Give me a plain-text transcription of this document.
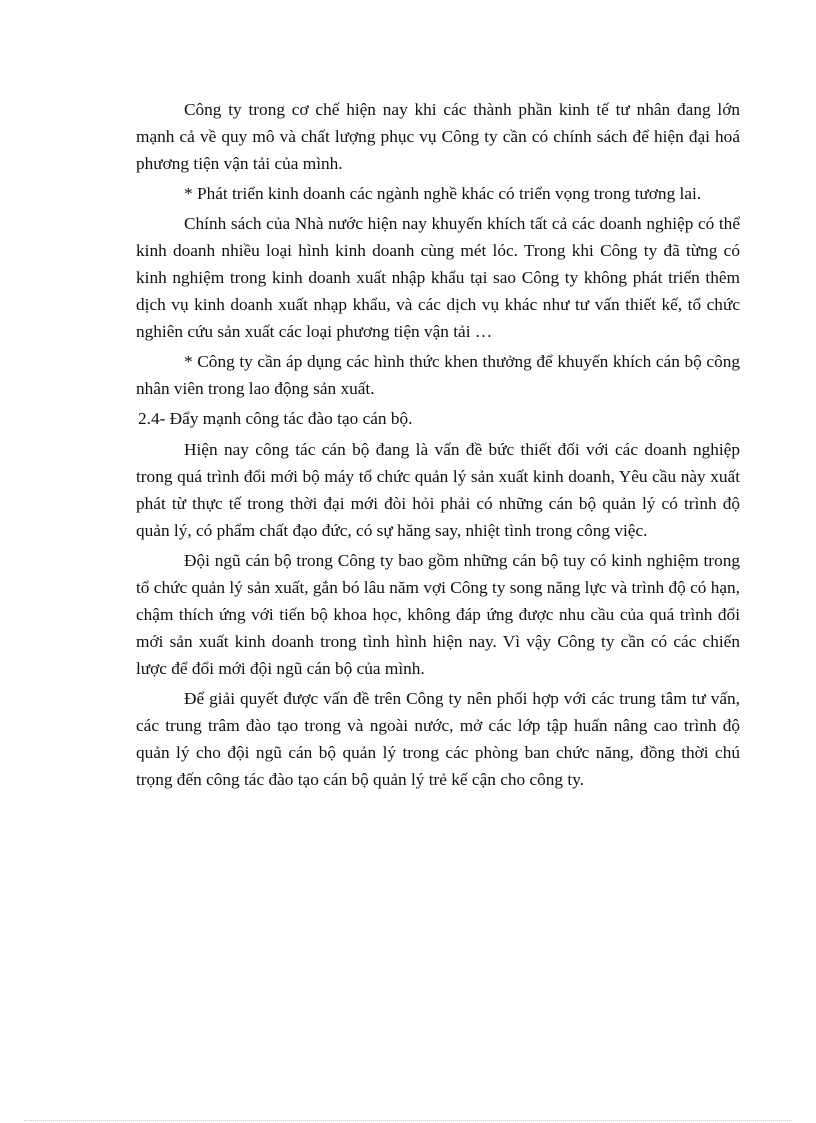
Công ty trong cơ chế hiện nay khi các thành phần kinh tế tư nhân đang lớn mạnh cả về quy mô và chất lượng phục vụ Công ty cần có chính sách để hiện đại hoá phương tiện vận tải của mình.

* Phát triển kinh doanh các ngành nghề khác có triển vọng trong tương lai.

Chính sách của Nhà nước hiện nay khuyến khích tất cả các doanh nghiệp có thể kinh doanh nhiều loại hình kinh doanh cùng mét lóc. Trong khi Công ty đã từng có kinh nghiệm trong kinh doanh xuất nhập khẩu tại sao Công ty không phát triển thêm dịch vụ kinh doanh xuất nhạp khẩu, và các dịch vụ khác như tư vấn thiết kế, tổ chức nghiên cứu sản xuất các loại phương tiện vận tải …

* Công ty cần áp dụng các hình thức khen thưởng để khuyến khích cán bộ công nhân viên trong lao động sản xuất.

2.4- Đẩy mạnh công tác đào tạo cán bộ.

Hiện nay công tác cán bộ đang là vấn đề bức thiết đối với các doanh nghiệp trong quá trình đổi mới bộ máy tổ chức quản lý sản xuất kinh doanh, Yêu cầu này xuất phát từ thực tế trong thời đại mới đòi hỏi phải có những cán bộ quản lý có trình độ quản lý, có phẩm chất đạo đức, có sự hăng say, nhiệt tình trong công việc.

Đội ngũ cán bộ trong Công ty bao gồm những cán bộ tuy có kinh nghiệm trong tổ chức quản lý sản xuất, gắn bó lâu năm vợi Công ty song năng lực và trình độ có hạn, chậm thích ứng với tiến bộ khoa học, không đáp ứng được nhu cầu của quá trình đổi mới sản xuất kinh doanh trong tình hình hiện nay. Vì vậy Công ty cần có các chiến lược để đổi mới đội ngũ cán bộ của mình.

Để giải quyết được vấn đề trên Công ty nên phối hợp với các trung tâm tư vấn, các trung trâm đào tạo trong và ngoài nước, mở các lớp tập huấn nâng cao trình độ quản lý cho đội ngũ cán bộ quản lý trong các phòng ban chức năng, đồng thời chú trọng đến công tác đào tạo cán bộ quản lý trẻ kế cận cho công ty.
